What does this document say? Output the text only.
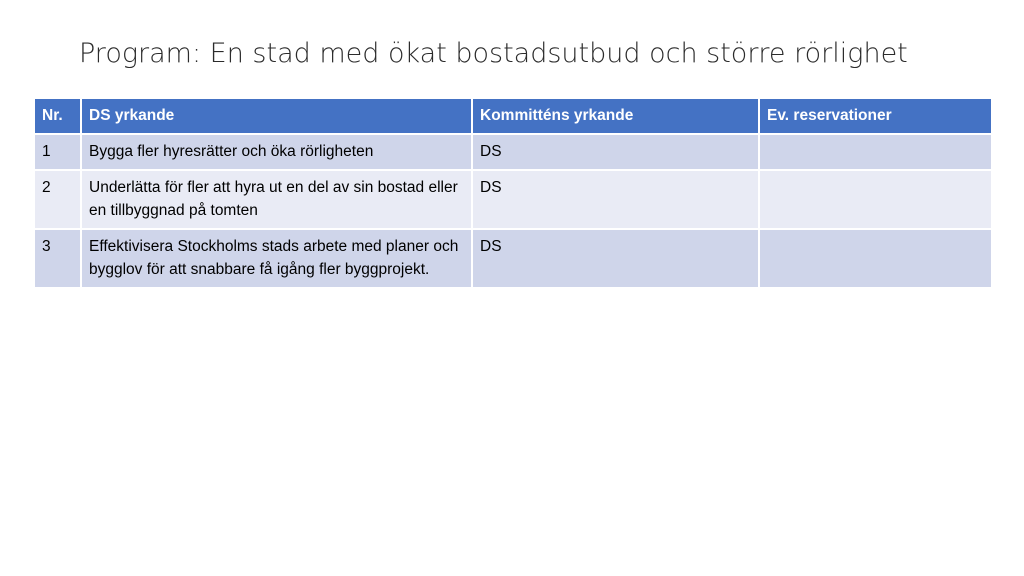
Program: En stad med ökat bostadsutbud och större rörlighet
Nr.	DS yrkande	Kommitténs yrkande	Ev. reservationer
1	Bygga fler hyresrätter och öka rörligheten	DS	
2	Underlätta för fler att hyra ut en del av sin bostad eller en tillbyggnad på tomten	DS	
3	Effektivisera Stockholms stads arbete med planer och bygglov för att snabbare få igång fler byggprojekt.	DS	
